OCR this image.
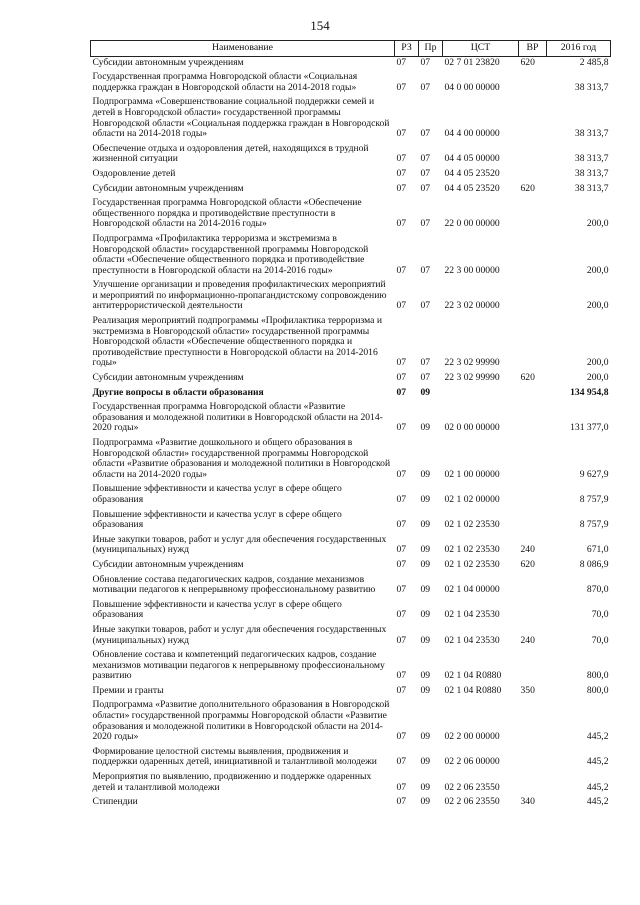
154
Наименование	РЗ	Пр	ЦСТ	ВР	2016 год
Субсидии автономным учреждениям	07	07	02 7 01 23820	620	2 485,8
Государственная программа Новгородской области «Социальная поддержка граждан в Новгородской области на 2014-2018 годы»	07	07	04 0 00 00000		38 313,7
Подпрограмма «Совершенствование социальной поддержки семей и детей в Новгородской области» государственной программы Новгородской области «Социальная поддержка граждан в Новгородской области на 2014-2018 годы»	07	07	04 4 00 00000		38 313,7
Обеспечение отдыха и оздоровления детей, находящихся в трудной жизненной ситуации	07	07	04 4 05 00000		38 313,7
Оздоровление детей	07	07	04 4 05 23520		38 313,7
Субсидии автономным учреждениям	07	07	04 4 05 23520	620	38 313,7
Государственная программа Новгородской области «Обеспечение общественного порядка и противодействие преступности в Новгородской области на 2014-2016 годы»	07	07	22 0 00 00000		200,0
Подпрограмма «Профилактика терроризма и экстремизма в Новгородской области» государственной программы Новгородской области «Обеспечение общественного порядка и противодействие преступности в Новгородской области на 2014-2016 годы»	07	07	22 3 00 00000		200,0
Улучшение организации и проведения профилактических мероприятий и мероприятий по информационно-пропагандистскому сопровождению антитеррористической деятельности	07	07	22 3 02 00000		200,0
Реализация мероприятий подпрограммы «Профилактика терроризма и экстремизма в Новгородской области» государственной программы Новгородской области «Обеспечение общественного порядка и противодействие преступности в Новгородской области на 2014-2016 годы»	07	07	22 3 02 99990		200,0
Субсидии автономным учреждениям	07	07	22 3 02 99990	620	200,0
Другие вопросы в области образования	07	09			134 954,8
Государственная программа Новгородской области «Развитие образования и молодежной политики в Новгородской области на 2014-2020 годы»	07	09	02 0 00 00000		131 377,0
Подпрограмма «Развитие дошкольного и общего образования в Новгородской области» государственной программы Новгородской области «Развитие образования и молодежной политики в Новгородской области на 2014-2020 годы»	07	09	02 1 00 00000		9 627,9
Повышение эффективности и качества услуг в сфере общего образования	07	09	02 1 02 00000		8 757,9
Повышение эффективности и качества услуг в сфере общего образования	07	09	02 1 02 23530		8 757,9
Иные закупки товаров, работ и услуг для обеспечения государственных (муниципальных) нужд	07	09	02 1 02 23530	240	671,0
Субсидии автономным учреждениям	07	09	02 1 02 23530	620	8 086,9
Обновление состава педагогических кадров, создание механизмов мотивации педагогов к непрерывному профессиональному развитию	07	09	02 1 04 00000		870,0
Повышение эффективности и качества услуг в сфере общего образования	07	09	02 1 04 23530		70,0
Иные закупки товаров, работ и услуг для обеспечения государственных (муниципальных) нужд	07	09	02 1 04 23530	240	70,0
Обновление состава и компетенций педагогических кадров, создание механизмов мотивации педагогов к непрерывному профессиональному развитию	07	09	02 1 04 R0880		800,0
Премии и гранты	07	09	02 1 04 R0880	350	800,0
Подпрограмма «Развитие дополнительного образования в Новгородской области» государственной программы Новгородской области «Развитие образования и молодежной политики в Новгородской области на 2014-2020 годы»	07	09	02 2 00 00000		445,2
Формирование целостной системы выявления, продвижения и поддержки одаренных детей, инициативной и талантливой молодежи	07	09	02 2 06 00000		445,2
Мероприятия по выявлению, продвижению и поддержке одаренных детей и талантливой молодежи	07	09	02 2 06 23550		445,2
Стипендии	07	09	02 2 06 23550	340	445,2
